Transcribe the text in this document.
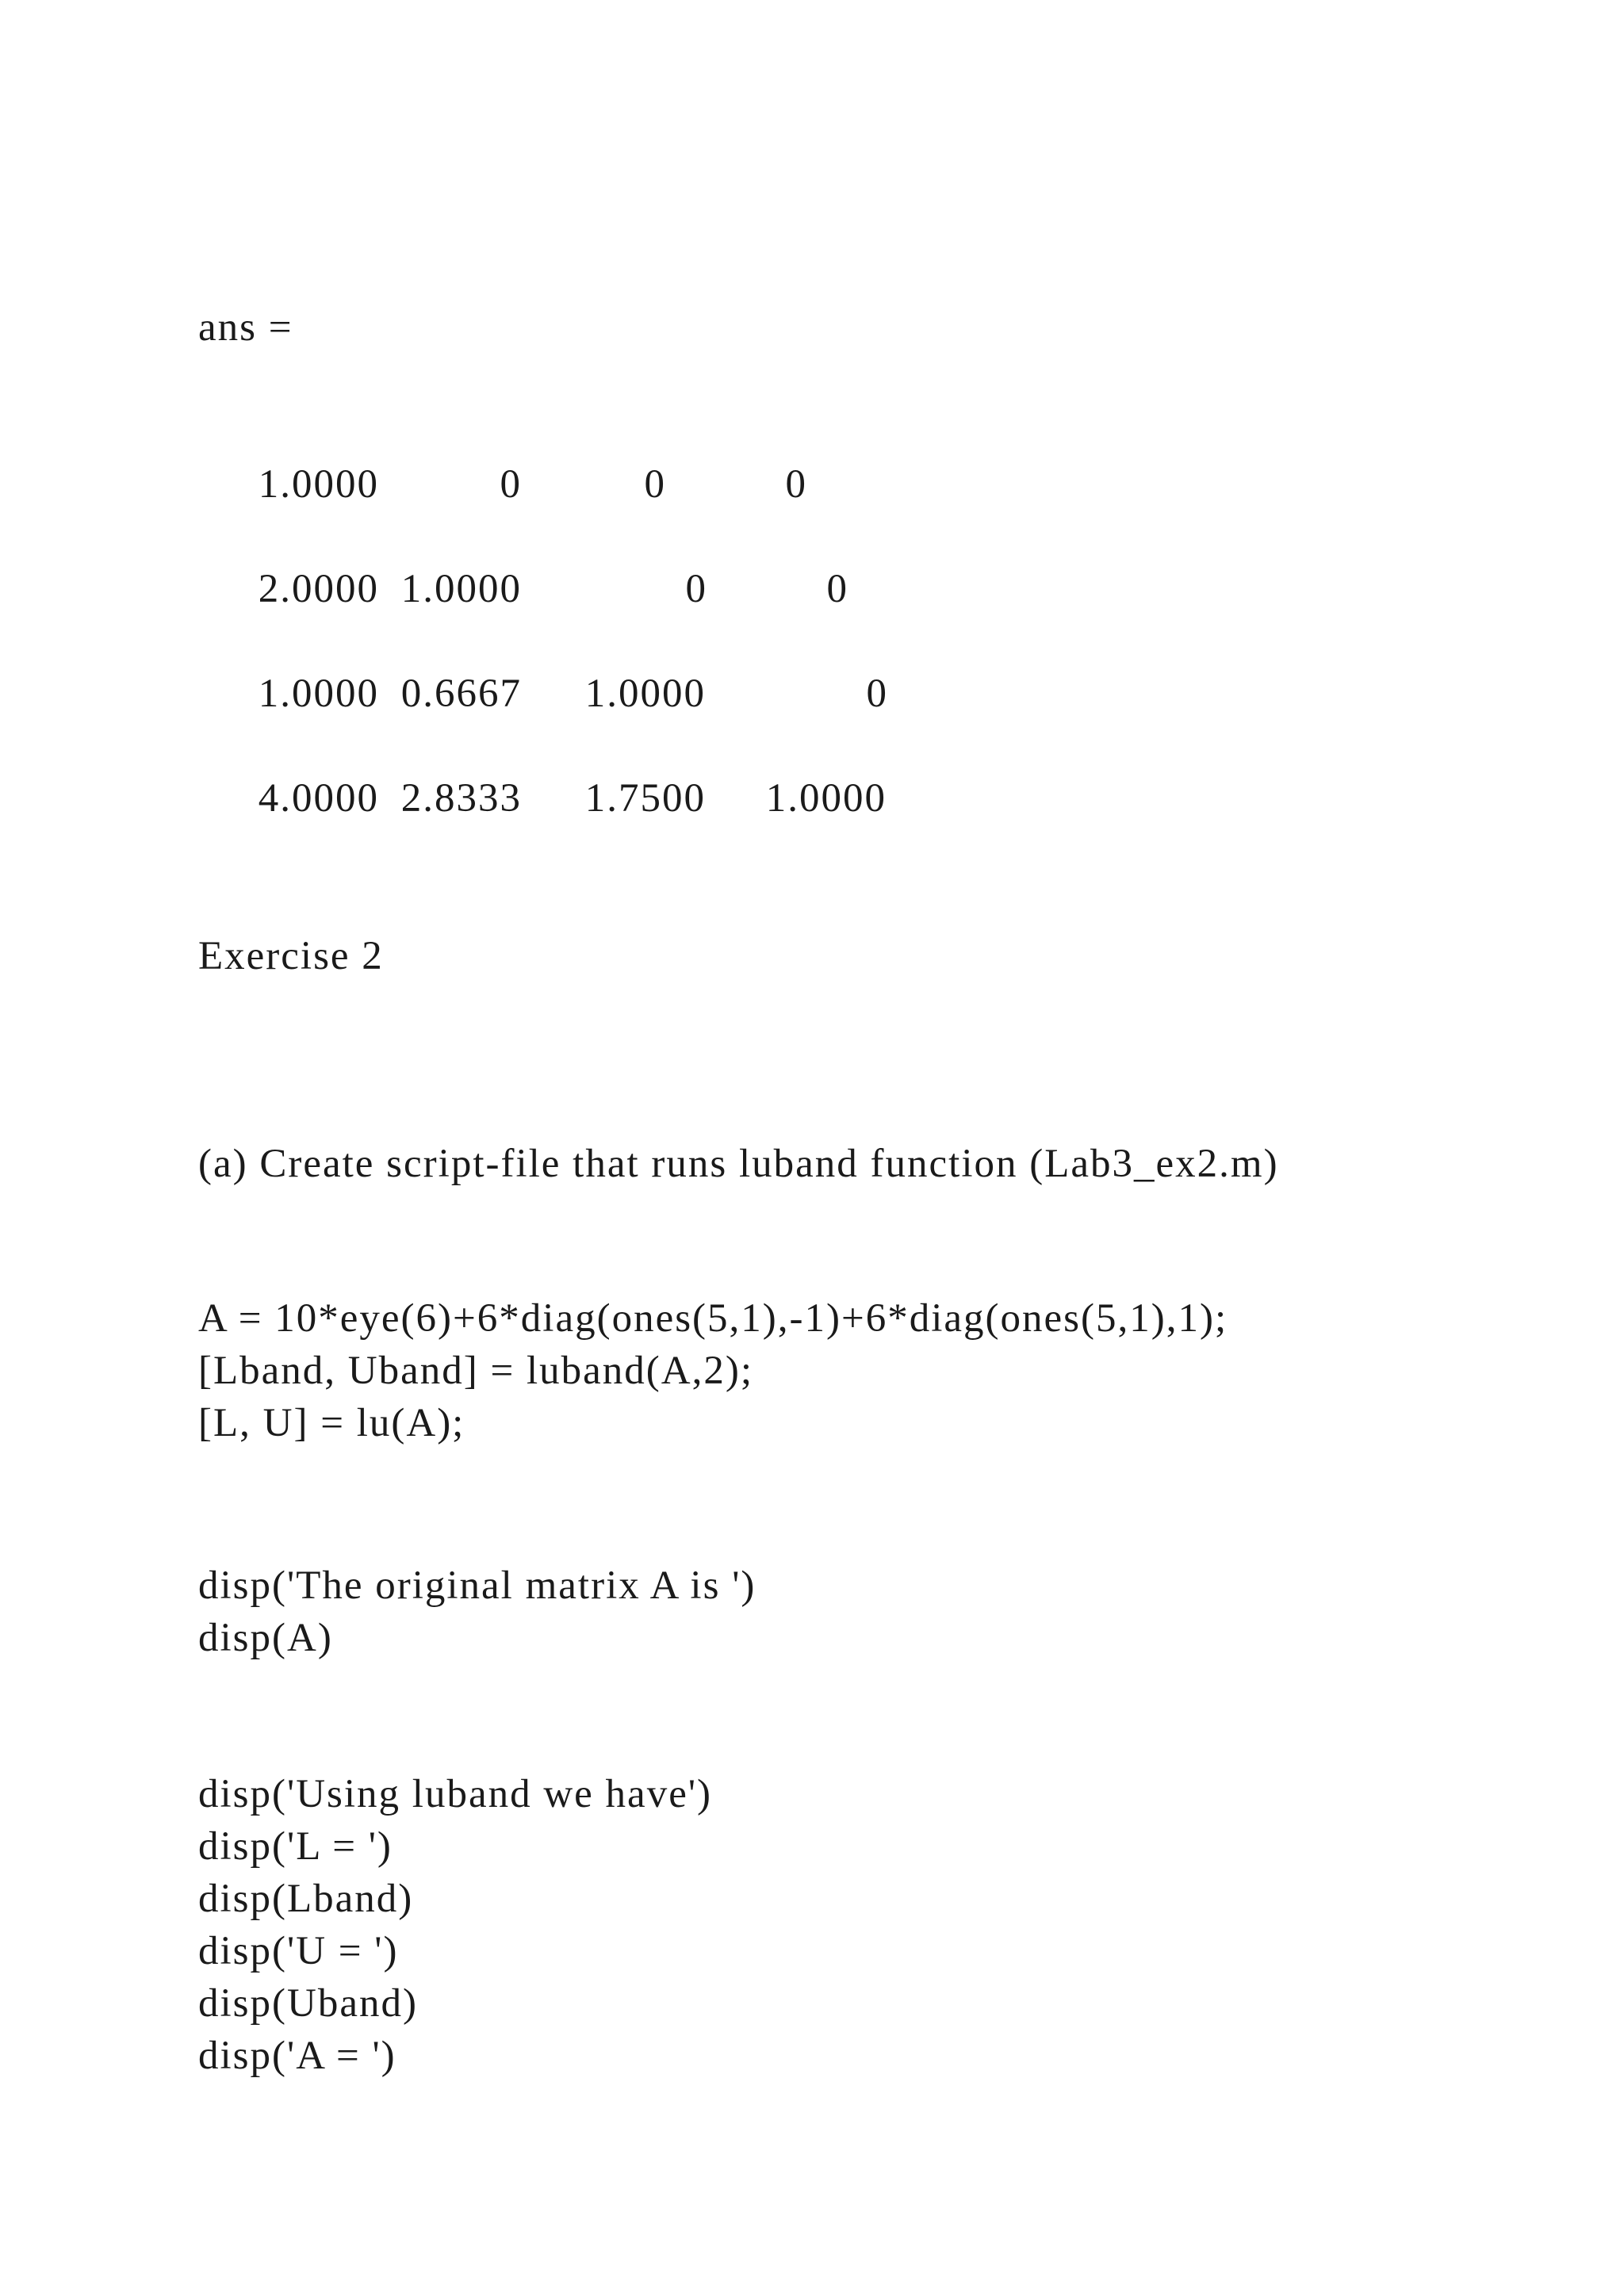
ans =

1.0000	0	0	0
2.0000 1.0000	0	0
1.0000 0.6667	1.0000	0
4.0000 2.8333	1.7500	1.0000

Exercise 2

(a) Create script-file that runs luband function (Lab3_ex2.m)

A = 10*eye(6)+6*diag(ones(5,1),-1)+6*diag(ones(5,1),1);
[Lband, Uband] = luband(A,2);
[L, U] = lu(A);
disp('The original matrix A is ')
disp(A)
disp('Using luband we have')
disp('L = ')
disp(Lband)
disp('U = ')
disp(Uband)
disp('A = ')
